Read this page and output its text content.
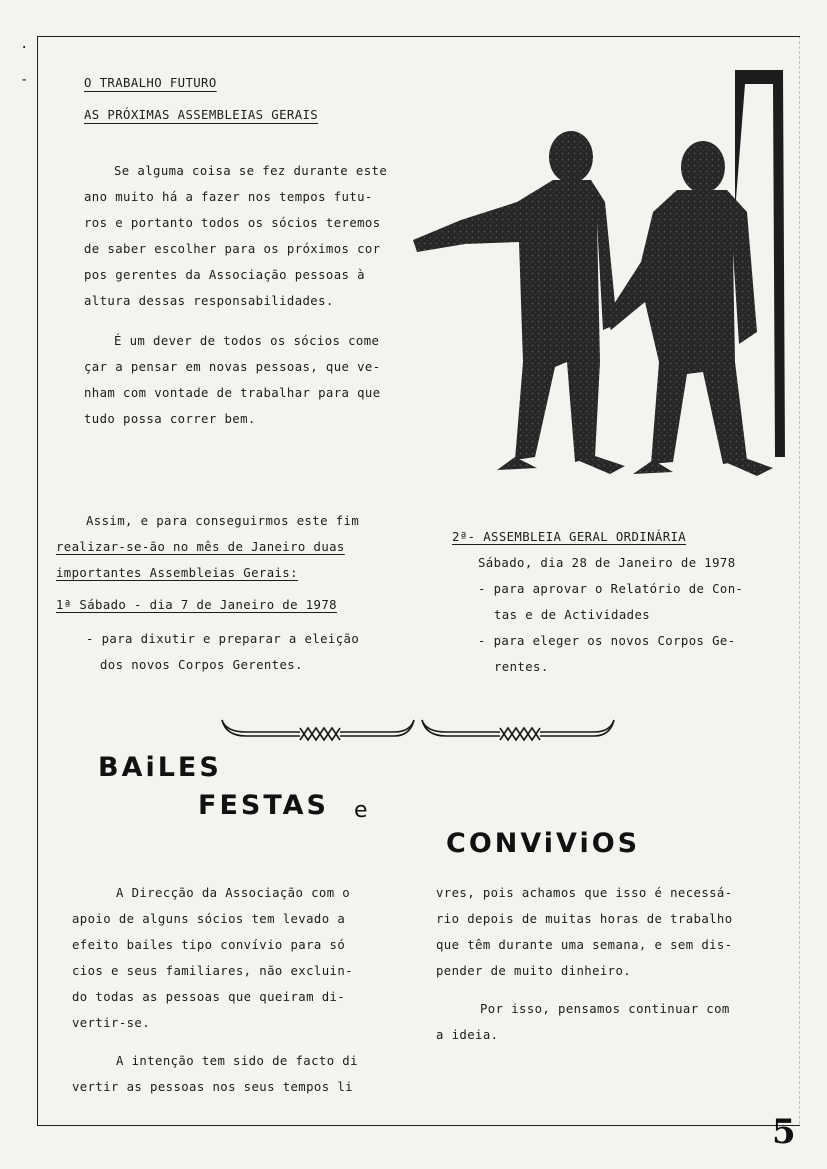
·
-	O TRABALHO FUTURO
AS PRÓXIMAS ASSEMBLEIAS GERAIS

Se alguma coisa se fez durante este

ano muito há a fazer nos tempos futu-

ros e portanto todos os sócios teremos

de saber escolher para os próximos cor

pos gerentes da Associação pessoas à

altura dessas responsabilidades.

É um dever de todos os sócios come

çar a pensar em novas pessoas, que ve-

nham com vontade de trabalhar para que

tudo possa correr bem.

Assim, e para conseguirmos este fim

realizar-se-ão no mês de Janeiro duas

importantes Assembleias Gerais:

1ª Sábado - dia 7 de Janeiro de 1978

- para dixutir e preparar a eleição

dos novos Corpos Gerentes.

2ª- ASSEMBLEIA GERAL ORDINÁRIA

Sábado, dia 28 de Janeiro de 1978

- para aprovar o Relatório de Con-

tas e de Actividades

- para eleger os novos Corpos Ge-

rentes.

BAiLES
FESTAS e
CONViViOS

A Direcção da Associação com o

apoio de alguns sócios tem levado a

efeito bailes tipo convívio para só

cios e seus familiares, não excluin-

do todas as pessoas que queiram di-

vertir-se.

A intenção tem sido de facto di

vertir as pessoas nos seus tempos li

vres, pois achamos que isso é necessá-

rio depois de muitas horas de trabalho

que têm durante uma semana, e sem dis-

pender de muito dinheiro.

Por isso, pensamos continuar com

a ideia.

5
